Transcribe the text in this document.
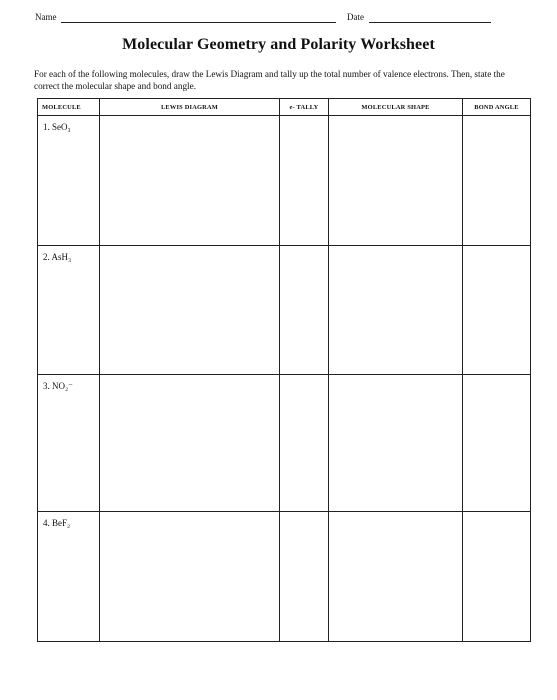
Name	Date
Molecular Geometry and Polarity Worksheet
For each of the following molecules, draw the Lewis Diagram and tally up the total number of valence electrons. Then, state the correct the molecular shape and bond angle.
MOLECULE	LEWIS DIAGRAM	e- TALLY	MOLECULAR SHAPE	BOND ANGLE

1. SeO₃				

2. AsH₃				

3. NO₂⁻				

4. BeF₂				
